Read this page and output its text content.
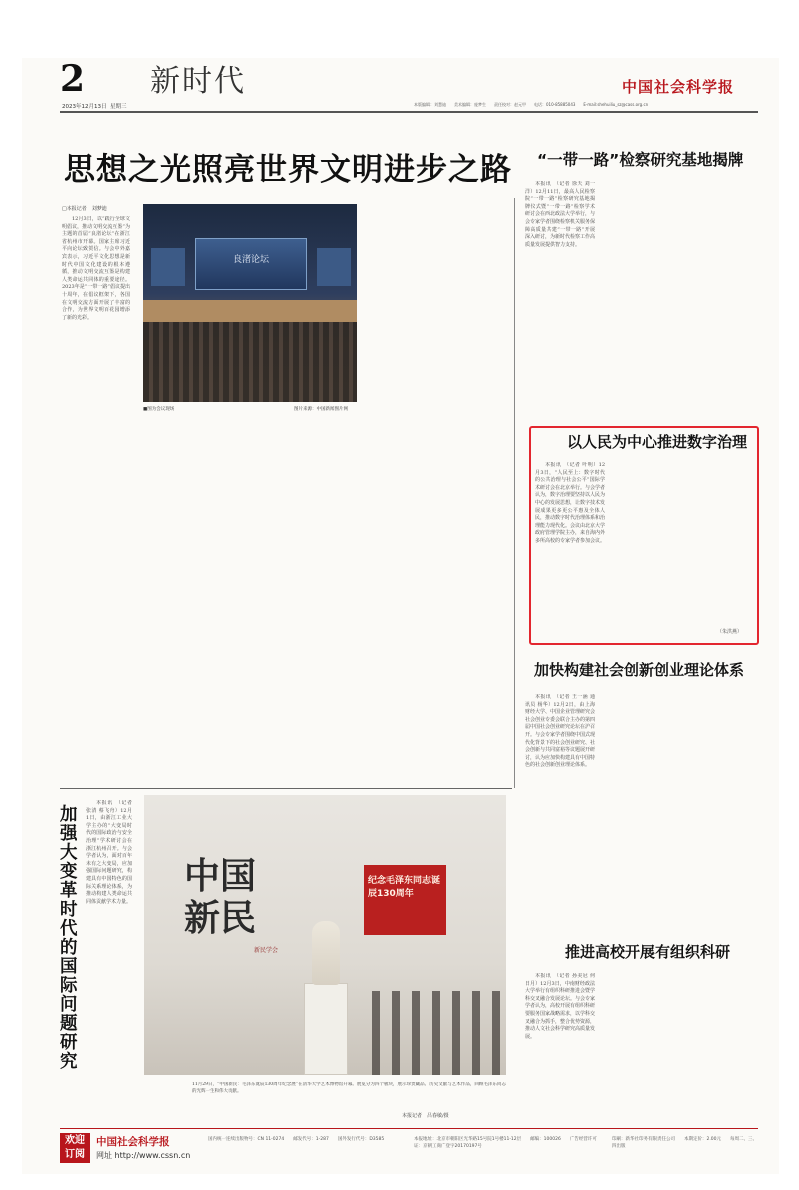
2
2023年12月13日 星期三
新时代	中国社会科学报
本版编辑：刘慧迪　　美术编辑：庞梦生　　责任校对：赵元甲　　电话：010-85885043　　E-mail:shehuiliu_sz@cass.org.cn
思想之光照亮世界文明进步之路
□本报记者　刘梦迪

12月3日，以“践行全球文明倡议，推动文明交流互鉴”为主题的首届“良渚论坛”在浙江省杭州市开幕。国家主席习近平向论坛致贺信。与会中外嘉宾表示，习近平文化思想是新时代中国文化建设的根本遵循，推动文明交流互鉴是构建人类命运共同体的重要途径。2023年是“一带一路”倡议提出十周年，在倡议框架下，各国在文明交流方面开展了丰富的合作，为世界文明百花园增添了新的光彩。

良渚论坛
■图为会议现场	图片来源：中国新闻图片网
“一带一路”检察研究基地揭牌

本报讯　（记者 徐天 刘一洋）12月11日，最高人民检察院“一带一路”检察研究基地揭牌仪式暨“一带一路”检察学术研讨会在西北政法大学举行，与会专家学者围绕检察机关服务保障高质量共建“一带一路”开展深入研讨，为新时代检察工作高质量发展提供智力支持。

以人民为中心推进数字治理

本报讯　（记者 叶明）12月3日，“人民至上：数字时代的公共治理与社会公平”国际学术研讨会在北京举行。与会学者认为，数字治理要坚持以人民为中心的发展思想，让数字技术发展成果更多更公平惠及全体人民，推动数字时代治理体系和治理能力现代化。会议由北京大学政府管理学院主办，来自海内外多所高校的专家学者参加会议。

（朱洪燕）
加快构建社会创新创业理论体系

本报讯　（记者 王一涵 通讯员 杨华）12月2日，由上海财经大学、中国企业管理研究会社会创业专委会联合主办的第四届中国社会创业研究论坛在沪召开。与会专家学者围绕中国式现代化背景下的社会创业研究、社会创新与共同富裕等议题展开研讨，认为应加快构建具有中国特色的社会创新创业理论体系。

推进高校开展有组织科研

本报讯　（记者 孙美冠 何日月）12月3日，中南财经政法大学举行有组织科研推进会暨学科交叉融合发展论坛。与会专家学者认为，高校开展有组织科研要服务国家战略需求，以学科交叉融合为抓手，整合优势资源，推动人文社会科学研究高质量发展。

加强大变革时代的国际问题研究

本报讯　（记者 张清 蔡飞舟）12月1日，由浙江工业大学主办的“大变局时代的国际政治与安全治理”学术研讨会在浙江杭州召开。与会学者认为，面对百年未有之大变局，应加强国际问题研究，构建具有中国特色的国际关系理论体系，为推动构建人类命运共同体贡献学术力量。

中国
新民
新民学会
纪念毛泽东同志诞辰130周年
11月29日，“中国新民：毛泽东诞辰130周年纪念展”在清华大学艺术博物馆开幕。展览分为四个板块，展示珍贵藏品、历史文献与艺术作品，回顾毛泽东同志的光辉一生和伟大贡献。
本报记者　吕春敏/摄
欢迎
订阅
中国社会科学报
网址 http://www.cssn.cn
国内统一连续出版物号：CN 11-0274　　邮发代号：1-287　　国外发行代号：D3585	本报地址：北京市朝阳区光华路15号院1号楼11-12层　　邮编：100026　　广告经营许可证：京朝工商广登字20170197号
印刷：新华社印务有限责任公司　　本期定价：2.00元　　每周二、三、四出版
